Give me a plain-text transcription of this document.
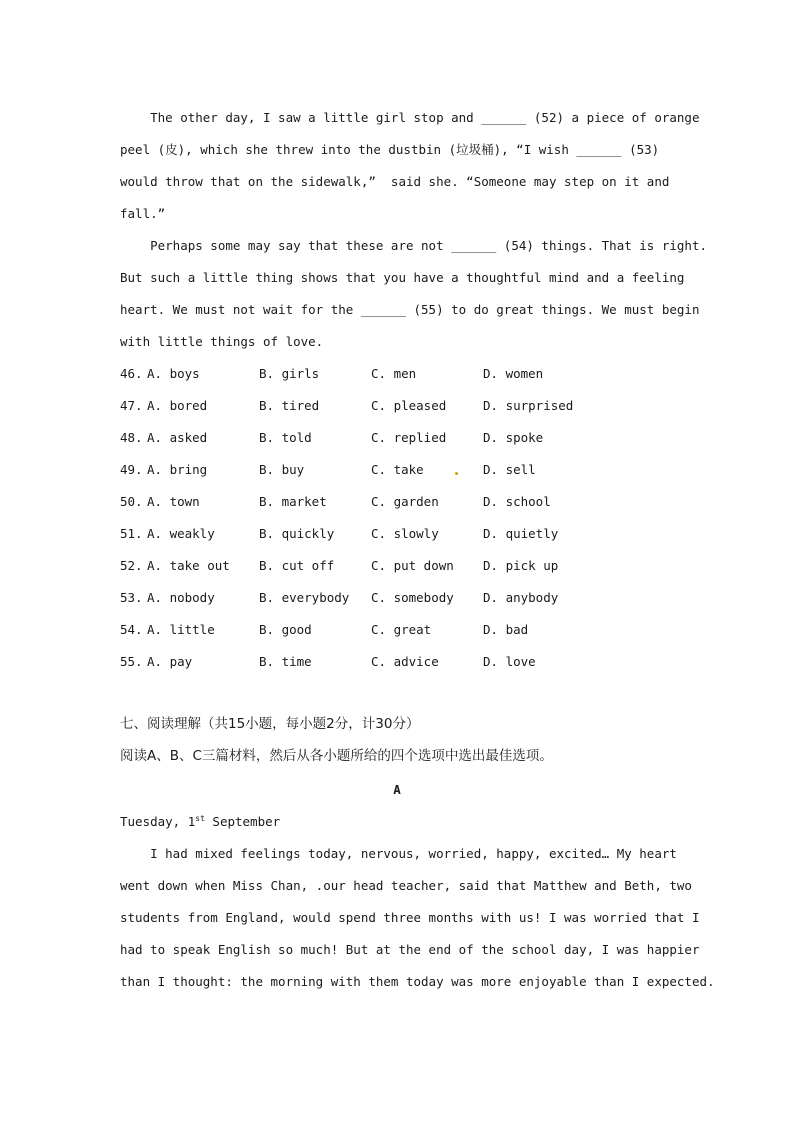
The other day, I saw a little girl stop and ______ (52) a piece of orange
peel (皮), which she threw into the dustbin (垃圾桶), “I wish ______ (53)
would throw that on the sidewalk,”  said she. “Someone may step on it and
fall.”
Perhaps some may say that these are not ______ (54) things. That is right.
But such a little thing shows that you have a thoughtful mind and a feeling
heart. We must not wait for the ______ (55) to do great things. We must begin
with little things of love.
46. A. boys	B. girls	C. men	D. women
47. A. bored	B. tired	C. pleased	D. surprised
48. A. asked	B. told	C. replied	D. spoke
49. A. bring	B. buy	C. take	D. sell
50. A. town	B. market	C. garden	D. school
51. A. weakly	B. quickly	C. slowly	D. quietly
52. A. take out B. cut off	C. put down D. pick up
53. A. nobody	B. everybody C. somebody D. anybody
54. A. little	B. good	C. great	D. bad
55. A. pay	B. time	C. advice	D. love
七、阅读理解（共15小题，每小题2分，计30分）
阅读A、B、C三篇材料，然后从各小题所给的四个选项中选出最佳选项。
A
Tuesday, 1st September
I had mixed feelings today, nervous, worried, happy, excited… My heart
went down when Miss Chan, .our head teacher, said that Matthew and Beth, two
students from England, would spend three months with us! I was worried that I
had to speak English so much! But at the end of the school day, I was happier
than I thought: the morning with them today was more enjoyable than I expected.
